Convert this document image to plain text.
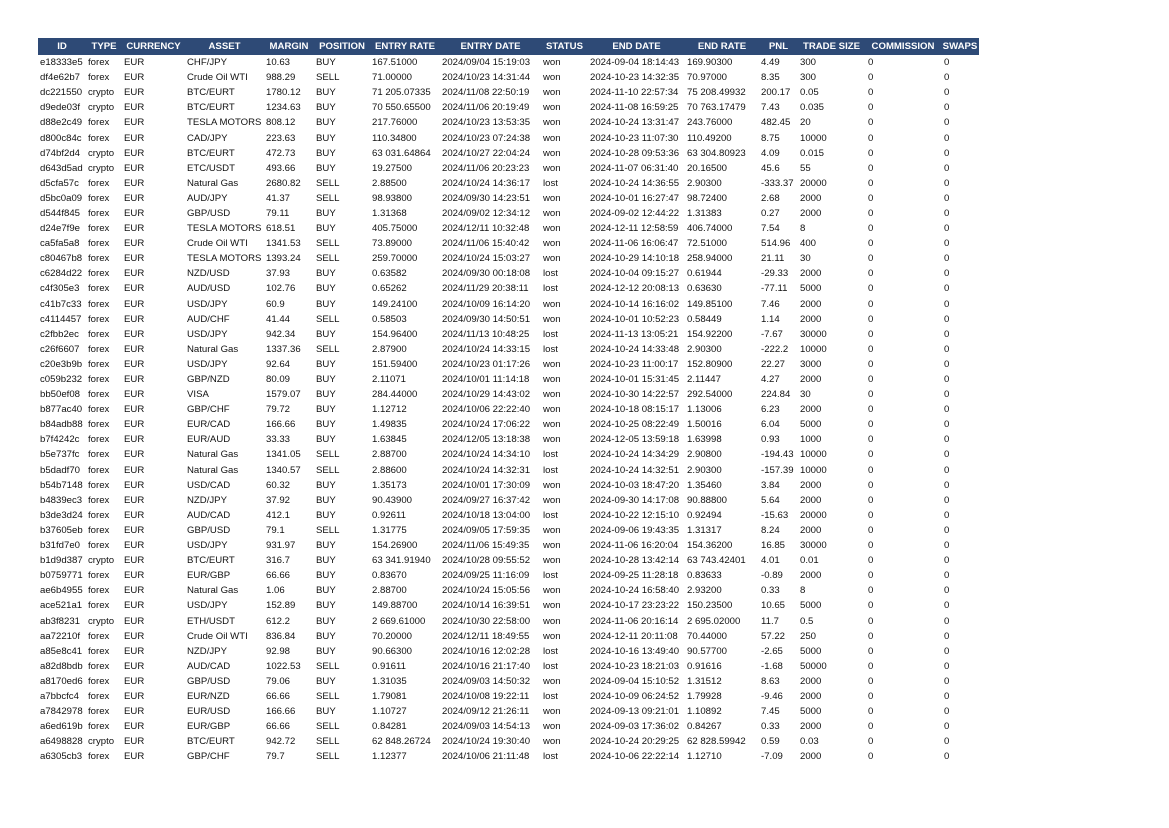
ID	TYPE	CURRENCY	ASSET	MARGIN	POSITION	ENTRY RATE	ENTRY DATE	STATUS	END DATE	END RATE	PNL	TRADE SIZE	COMMISSION	SWAPS
e18333e5	forex	EUR	CHF/JPY	10.63	BUY	167.51000	2024/09/04 15:19:03	won	2024-09-04 18:14:43	169.90300	4.49	300	0	0
df4e62b7	forex	EUR	Crude Oil WTI	988.29	SELL	71.00000	2024/10/23 14:31:44	won	2024-10-23 14:32:35	70.97000	8.35	300	0	0
dc221550	crypto	EUR	BTC/EURT	1780.12	BUY	71 205.07335	2024/11/08 22:50:19	won	2024-11-10 22:57:34	75 208.49932	200.17	0.05	0	0
d9ede03f	crypto	EUR	BTC/EURT	1234.63	BUY	70 550.65500	2024/11/06 20:19:49	won	2024-11-08 16:59:25	70 763.17479	7.43	0.035	0	0
d88e2c49	forex	EUR	TESLA MOTORS	808.12	BUY	217.76000	2024/10/23 13:53:35	won	2024-10-24 13:31:47	243.76000	482.45	20	0	0
d800c84c	forex	EUR	CAD/JPY	223.63	BUY	110.34800	2024/10/23 07:24:38	won	2024-10-23 11:07:30	110.49200	8.75	10000	0	0
d74bf2d4	crypto	EUR	BTC/EURT	472.73	BUY	63 031.64864	2024/10/27 22:04:24	won	2024-10-28 09:53:36	63 304.80923	4.09	0.015	0	0
d643d5ad	crypto	EUR	ETC/USDT	493.66	BUY	19.27500	2024/11/06 20:23:23	won	2024-11-07 06:31:40	20.16500	45.6	55	0	0
d5cfa57c	forex	EUR	Natural Gas	2680.82	SELL	2.88500	2024/10/24 14:36:17	lost	2024-10-24 14:36:55	2.90300	-333.37	20000	0	0
d5bc0a09	forex	EUR	AUD/JPY	41.37	SELL	98.93800	2024/09/30 14:23:51	won	2024-10-01 16:27:47	98.72400	2.68	2000	0	0
d544f845	forex	EUR	GBP/USD	79.11	BUY	1.31368	2024/09/02 12:34:12	won	2024-09-02 12:44:22	1.31383	0.27	2000	0	0
d24e7f9e	forex	EUR	TESLA MOTORS	618.51	BUY	405.75000	2024/12/11 10:32:48	won	2024-12-11 12:58:59	406.74000	7.54	8	0	0
ca5fa5a8	forex	EUR	Crude Oil WTI	1341.53	SELL	73.89000	2024/11/06 15:40:42	won	2024-11-06 16:06:47	72.51000	514.96	400	0	0
c80467b8	forex	EUR	TESLA MOTORS	1393.24	SELL	259.70000	2024/10/24 15:03:27	won	2024-10-29 14:10:18	258.94000	21.11	30	0	0
c6284d22	forex	EUR	NZD/USD	37.93	BUY	0.63582	2024/09/30 00:18:08	lost	2024-10-04 09:15:27	0.61944	-29.33	2000	0	0
c4f305e3	forex	EUR	AUD/USD	102.76	BUY	0.65262	2024/11/29 20:38:11	lost	2024-12-12 20:08:13	0.63630	-77.11	5000	0	0
c41b7c33	forex	EUR	USD/JPY	60.9	BUY	149.24100	2024/10/09 16:14:20	won	2024-10-14 16:16:02	149.85100	7.46	2000	0	0
c4114457	forex	EUR	AUD/CHF	41.44	SELL	0.58503	2024/09/30 14:50:51	won	2024-10-01 10:52:23	0.58449	1.14	2000	0	0
c2fbb2ec	forex	EUR	USD/JPY	942.34	BUY	154.96400	2024/11/13 10:48:25	lost	2024-11-13 13:05:21	154.92200	-7.67	30000	0	0
c26f6607	forex	EUR	Natural Gas	1337.36	SELL	2.87900	2024/10/24 14:33:15	lost	2024-10-24 14:33:48	2.90300	-222.2	10000	0	0
c20e3b9b	forex	EUR	USD/JPY	92.64	BUY	151.59400	2024/10/23 01:17:26	won	2024-10-23 11:00:17	152.80900	22.27	3000	0	0
c059b232	forex	EUR	GBP/NZD	80.09	BUY	2.11071	2024/10/01 11:14:18	won	2024-10-01 15:31:45	2.11447	4.27	2000	0	0
bb50ef08	forex	EUR	VISA	1579.07	BUY	284.44000	2024/10/29 14:43:02	won	2024-10-30 14:22:57	292.54000	224.84	30	0	0
b877ac40	forex	EUR	GBP/CHF	79.72	BUY	1.12712	2024/10/06 22:22:40	won	2024-10-18 08:15:17	1.13006	6.23	2000	0	0
b84adb88	forex	EUR	EUR/CAD	166.66	BUY	1.49835	2024/10/24 17:06:22	won	2024-10-25 08:22:49	1.50016	6.04	5000	0	0
b7f4242c	forex	EUR	EUR/AUD	33.33	BUY	1.63845	2024/12/05 13:18:38	won	2024-12-05 13:59:18	1.63998	0.93	1000	0	0
b5e737fc	forex	EUR	Natural Gas	1341.05	SELL	2.88700	2024/10/24 14:34:10	lost	2024-10-24 14:34:29	2.90800	-194.43	10000	0	0
b5dadf70	forex	EUR	Natural Gas	1340.57	SELL	2.88600	2024/10/24 14:32:31	lost	2024-10-24 14:32:51	2.90300	-157.39	10000	0	0
b54b7148	forex	EUR	USD/CAD	60.32	BUY	1.35173	2024/10/01 17:30:09	won	2024-10-03 18:47:20	1.35460	3.84	2000	0	0
b4839ec3	forex	EUR	NZD/JPY	37.92	BUY	90.43900	2024/09/27 16:37:42	won	2024-09-30 14:17:08	90.88800	5.64	2000	0	0
b3de3d24	forex	EUR	AUD/CAD	412.1	BUY	0.92611	2024/10/18 13:04:00	lost	2024-10-22 12:15:10	0.92494	-15.63	20000	0	0
b37605eb	forex	EUR	GBP/USD	79.1	SELL	1.31775	2024/09/05 17:59:35	won	2024-09-06 19:43:35	1.31317	8.24	2000	0	0
b31fd7e0	forex	EUR	USD/JPY	931.97	BUY	154.26900	2024/11/06 15:49:35	won	2024-11-06 16:20:04	154.36200	16.85	30000	0	0
b1d9d387	crypto	EUR	BTC/EURT	316.7	BUY	63 341.91940	2024/10/28 09:55:52	won	2024-10-28 13:42:14	63 743.42401	4.01	0.01	0	0
b0759771	forex	EUR	EUR/GBP	66.66	BUY	0.83670	2024/09/25 11:16:09	lost	2024-09-25 11:28:18	0.83633	-0.89	2000	0	0
ae6b4955	forex	EUR	Natural Gas	1.06	BUY	2.88700	2024/10/24 15:05:56	won	2024-10-24 16:58:40	2.93200	0.33	8	0	0
ace521a1	forex	EUR	USD/JPY	152.89	BUY	149.88700	2024/10/14 16:39:51	won	2024-10-17 23:23:22	150.23500	10.65	5000	0	0
ab3f8231	crypto	EUR	ETH/USDT	612.2	BUY	2 669.61000	2024/10/30 22:58:00	won	2024-11-06 20:16:14	2 695.02000	11.7	0.5	0	0
aa72210f	forex	EUR	Crude Oil WTI	836.84	BUY	70.20000	2024/12/11 18:49:55	won	2024-12-11 20:11:08	70.44000	57.22	250	0	0
a85e8c41	forex	EUR	NZD/JPY	92.98	BUY	90.66300	2024/10/16 12:02:28	lost	2024-10-16 13:49:40	90.57700	-2.65	5000	0	0
a82d8bdb	forex	EUR	AUD/CAD	1022.53	SELL	0.91611	2024/10/16 21:17:40	lost	2024-10-23 18:21:03	0.91616	-1.68	50000	0	0
a8170ed6	forex	EUR	GBP/USD	79.06	BUY	1.31035	2024/09/03 14:50:32	won	2024-09-04 15:10:52	1.31512	8.63	2000	0	0
a7bbcfc4	forex	EUR	EUR/NZD	66.66	SELL	1.79081	2024/10/08 19:22:11	lost	2024-10-09 06:24:52	1.79928	-9.46	2000	0	0
a7842978	forex	EUR	EUR/USD	166.66	BUY	1.10727	2024/09/12 21:26:11	won	2024-09-13 09:21:01	1.10892	7.45	5000	0	0
a6ed619b	forex	EUR	EUR/GBP	66.66	SELL	0.84281	2024/09/03 14:54:13	won	2024-09-03 17:36:02	0.84267	0.33	2000	0	0
a6498828	crypto	EUR	BTC/EURT	942.72	SELL	62 848.26724	2024/10/24 19:30:40	won	2024-10-24 20:29:25	62 828.59942	0.59	0.03	0	0
a6305cb3	forex	EUR	GBP/CHF	79.7	SELL	1.12377	2024/10/06 21:11:48	lost	2024-10-06 22:22:14	1.12710	-7.09	2000	0	0
